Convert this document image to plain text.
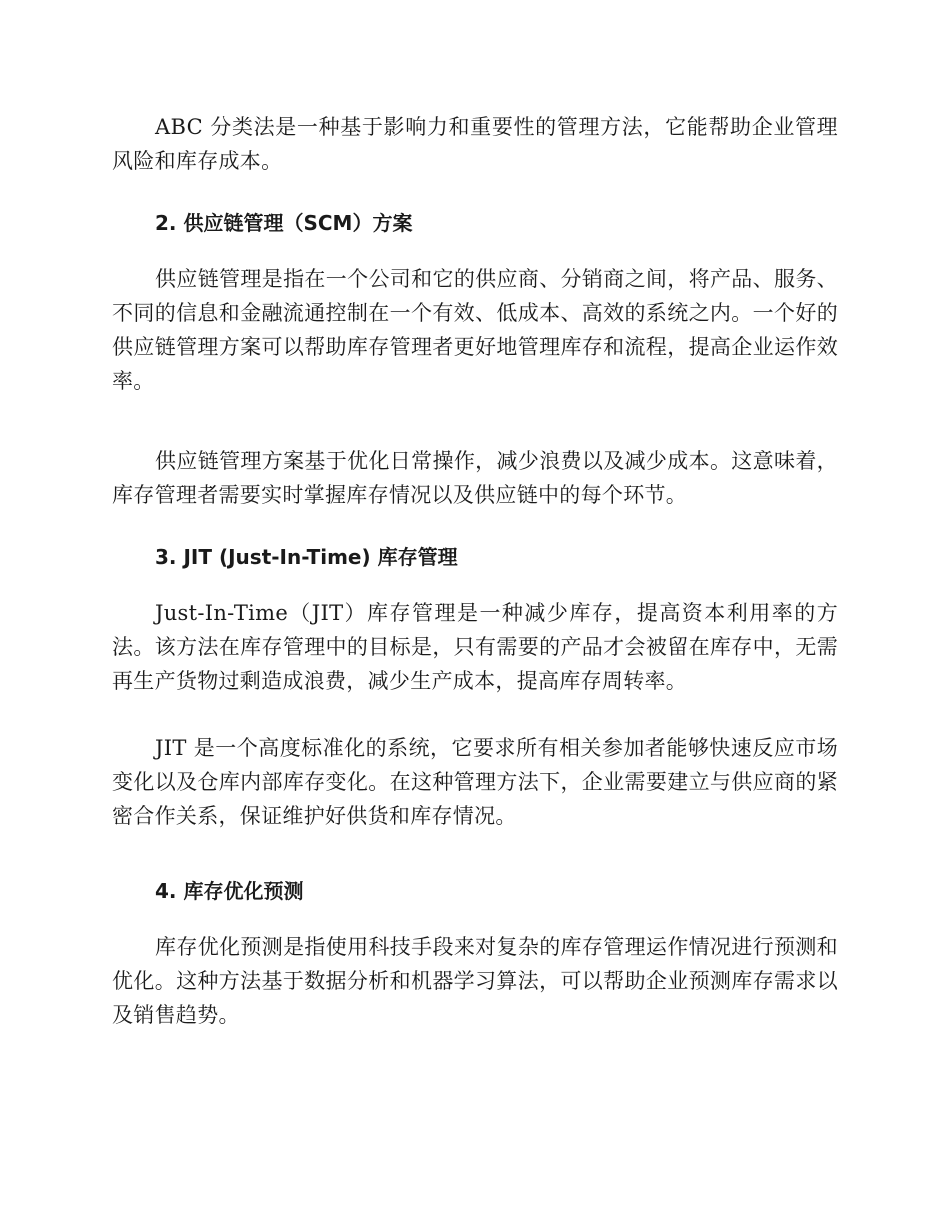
ABC 分类法是一种基于影响力和重要性的管理方法，它能帮助企业管理风险和库存成本。

2. 供应链管理（SCM）方案

供应链管理是指在一个公司和它的供应商、分销商之间，将产品、服务、不同的信息和金融流通控制在一个有效、低成本、高效的系统之内。一个好的供应链管理方案可以帮助库存管理者更好地管理库存和流程，提高企业运作效率。

供应链管理方案基于优化日常操作，减少浪费以及减少成本。这意味着，库存管理者需要实时掌握库存情况以及供应链中的每个环节。

3. JIT (Just-In-Time) 库存管理

Just-In-Time（JIT）库存管理是一种减少库存，提高资本利用率的方法。该方法在库存管理中的目标是，只有需要的产品才会被留在库存中，无需再生产货物过剩造成浪费，减少生产成本，提高库存周转率。

JIT 是一个高度标准化的系统，它要求所有相关参加者能够快速反应市场变化以及仓库内部库存变化。在这种管理方法下，企业需要建立与供应商的紧密合作关系，保证维护好供货和库存情况。

4. 库存优化预测

库存优化预测是指使用科技手段来对复杂的库存管理运作情况进行预测和优化。这种方法基于数据分析和机器学习算法，可以帮助企业预测库存需求以及销售趋势。
